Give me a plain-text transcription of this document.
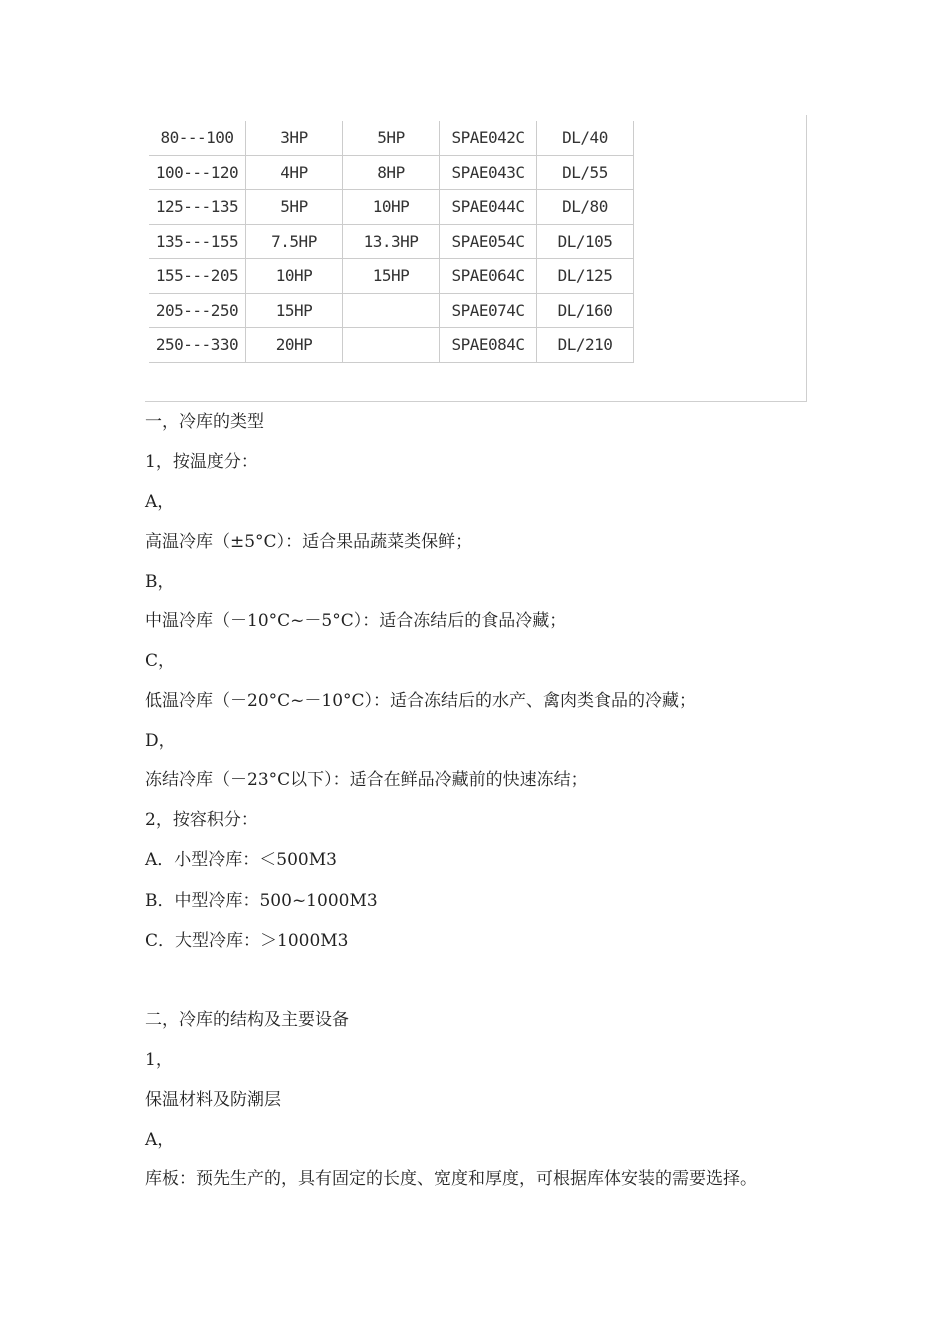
80---100	3HP	5HP	SPAE042C	DL/40
100---120	4HP	8HP	SPAE043C	DL/55
125---135	5HP	10HP	SPAE044C	DL/80
135---155	7.5HP	13.3HP	SPAE054C	DL/105
155---205	10HP	15HP	SPAE064C	DL/125
205---250	15HP		SPAE074C	DL/160
250---330	20HP		SPAE084C	DL/210
一，冷库的类型
1，按温度分：
A，
高温冷库（±5°C）：适合果品蔬菜类保鲜；
B，
中温冷库（－10°C~－5°C）：适合冻结后的食品冷藏；
C，
低温冷库（－20°C~－10°C）：适合冻结后的水产、禽肉类食品的冷藏；
D，
冻结冷库（－23°C以下）：适合在鲜品冷藏前的快速冻结；
2，按容积分：
A．小型冷库：＜500M3
B．中型冷库：500~1000M3
C．大型冷库：＞1000M3
二，冷库的结构及主要设备
1，
保温材料及防潮层
A，
库板：预先生产的，具有固定的长度、宽度和厚度，可根据库体安装的需要选择。
